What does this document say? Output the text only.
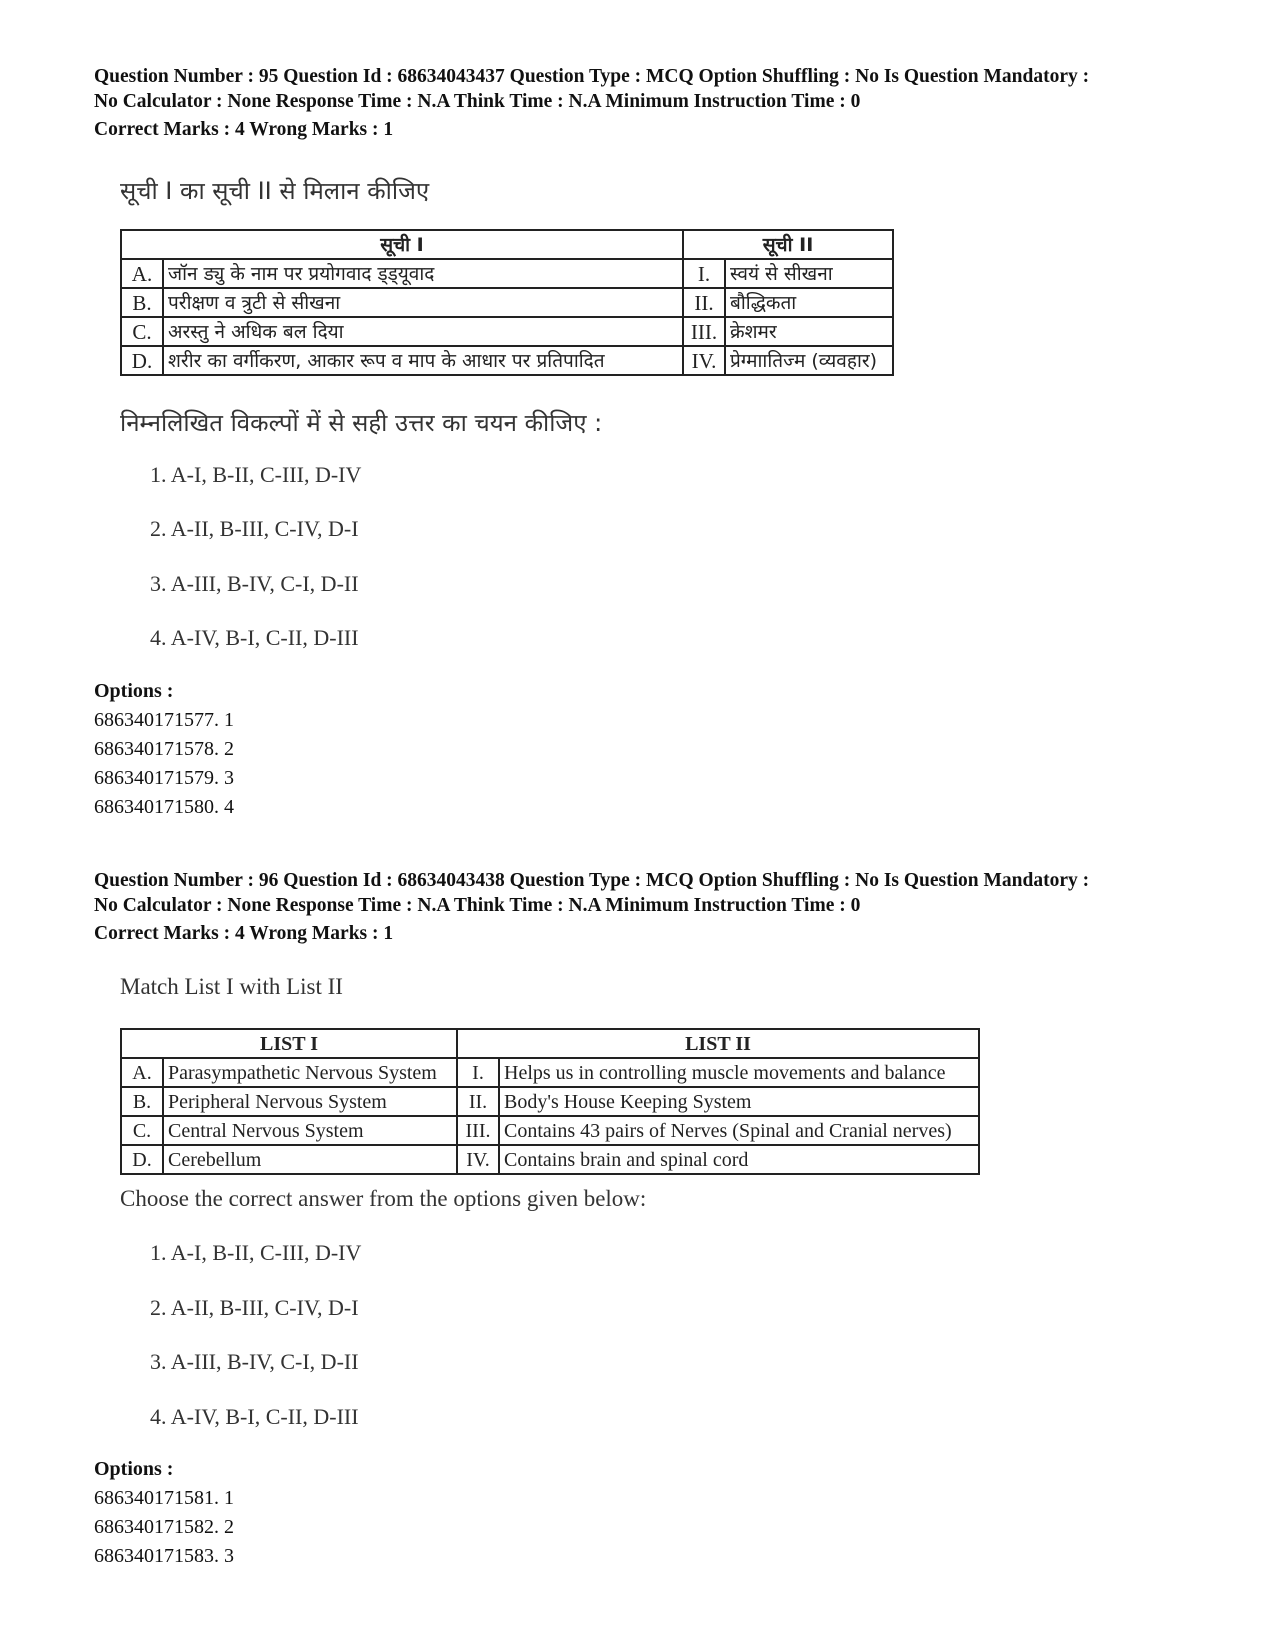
Question Number : 95 Question Id : 68634043437 Question Type : MCQ Option Shuffling : No Is Question Mandatory :

No Calculator : None Response Time : N.A Think Time : N.A Minimum Instruction Time : 0

Correct Marks : 4 Wrong Marks : 1
सूची I का सूची II से मिलान कीजिए
सूची I		सूची II	
A.	जॉन ड्यु के नाम पर प्रयोगवाद ड्ड्यूवाद	I.	स्वयं से सीखना
B.	परीक्षण व त्रुटी से सीखना	II.	बौद्धिकता
C.	अरस्तु ने अधिक बल दिया	III.	क्रेशमर
D.	शरीर का वर्गीकरण, आकार रूप व माप के आधार पर प्रतिपादित	IV.	प्रेग्माातिज्म (व्यवहार)
निम्नलिखित विकल्पों में से सही उत्तर का चयन कीजिए :
1. A-I, B-II, C-III, D-IV
2. A-II, B-III, C-IV, D-I
3. A-III, B-IV, C-I, D-II
4. A-IV, B-I, C-II, D-III
Options :
686340171577. 1
686340171578. 2
686340171579. 3
686340171580. 4

Question Number : 96 Question Id : 68634043438 Question Type : MCQ Option Shuffling : No Is Question Mandatory :

No Calculator : None Response Time : N.A Think Time : N.A Minimum Instruction Time : 0

Correct Marks : 4 Wrong Marks : 1
Match List I with List II
LIST I		LIST II	
A.	Parasympathetic Nervous System	I.	Helps us in controlling muscle movements and balance
B.	Peripheral Nervous System	II.	Body's House Keeping System
C.	Central Nervous System	III.	Contains 43 pairs of Nerves (Spinal and Cranial nerves)
D.	Cerebellum	IV.	Contains brain and spinal cord
Choose the correct answer from the options given below:
1. A-I, B-II, C-III, D-IV
2. A-II, B-III, C-IV, D-I
3. A-III, B-IV, C-I, D-II
4. A-IV, B-I, C-II, D-III
Options :
686340171581. 1
686340171582. 2
686340171583. 3
